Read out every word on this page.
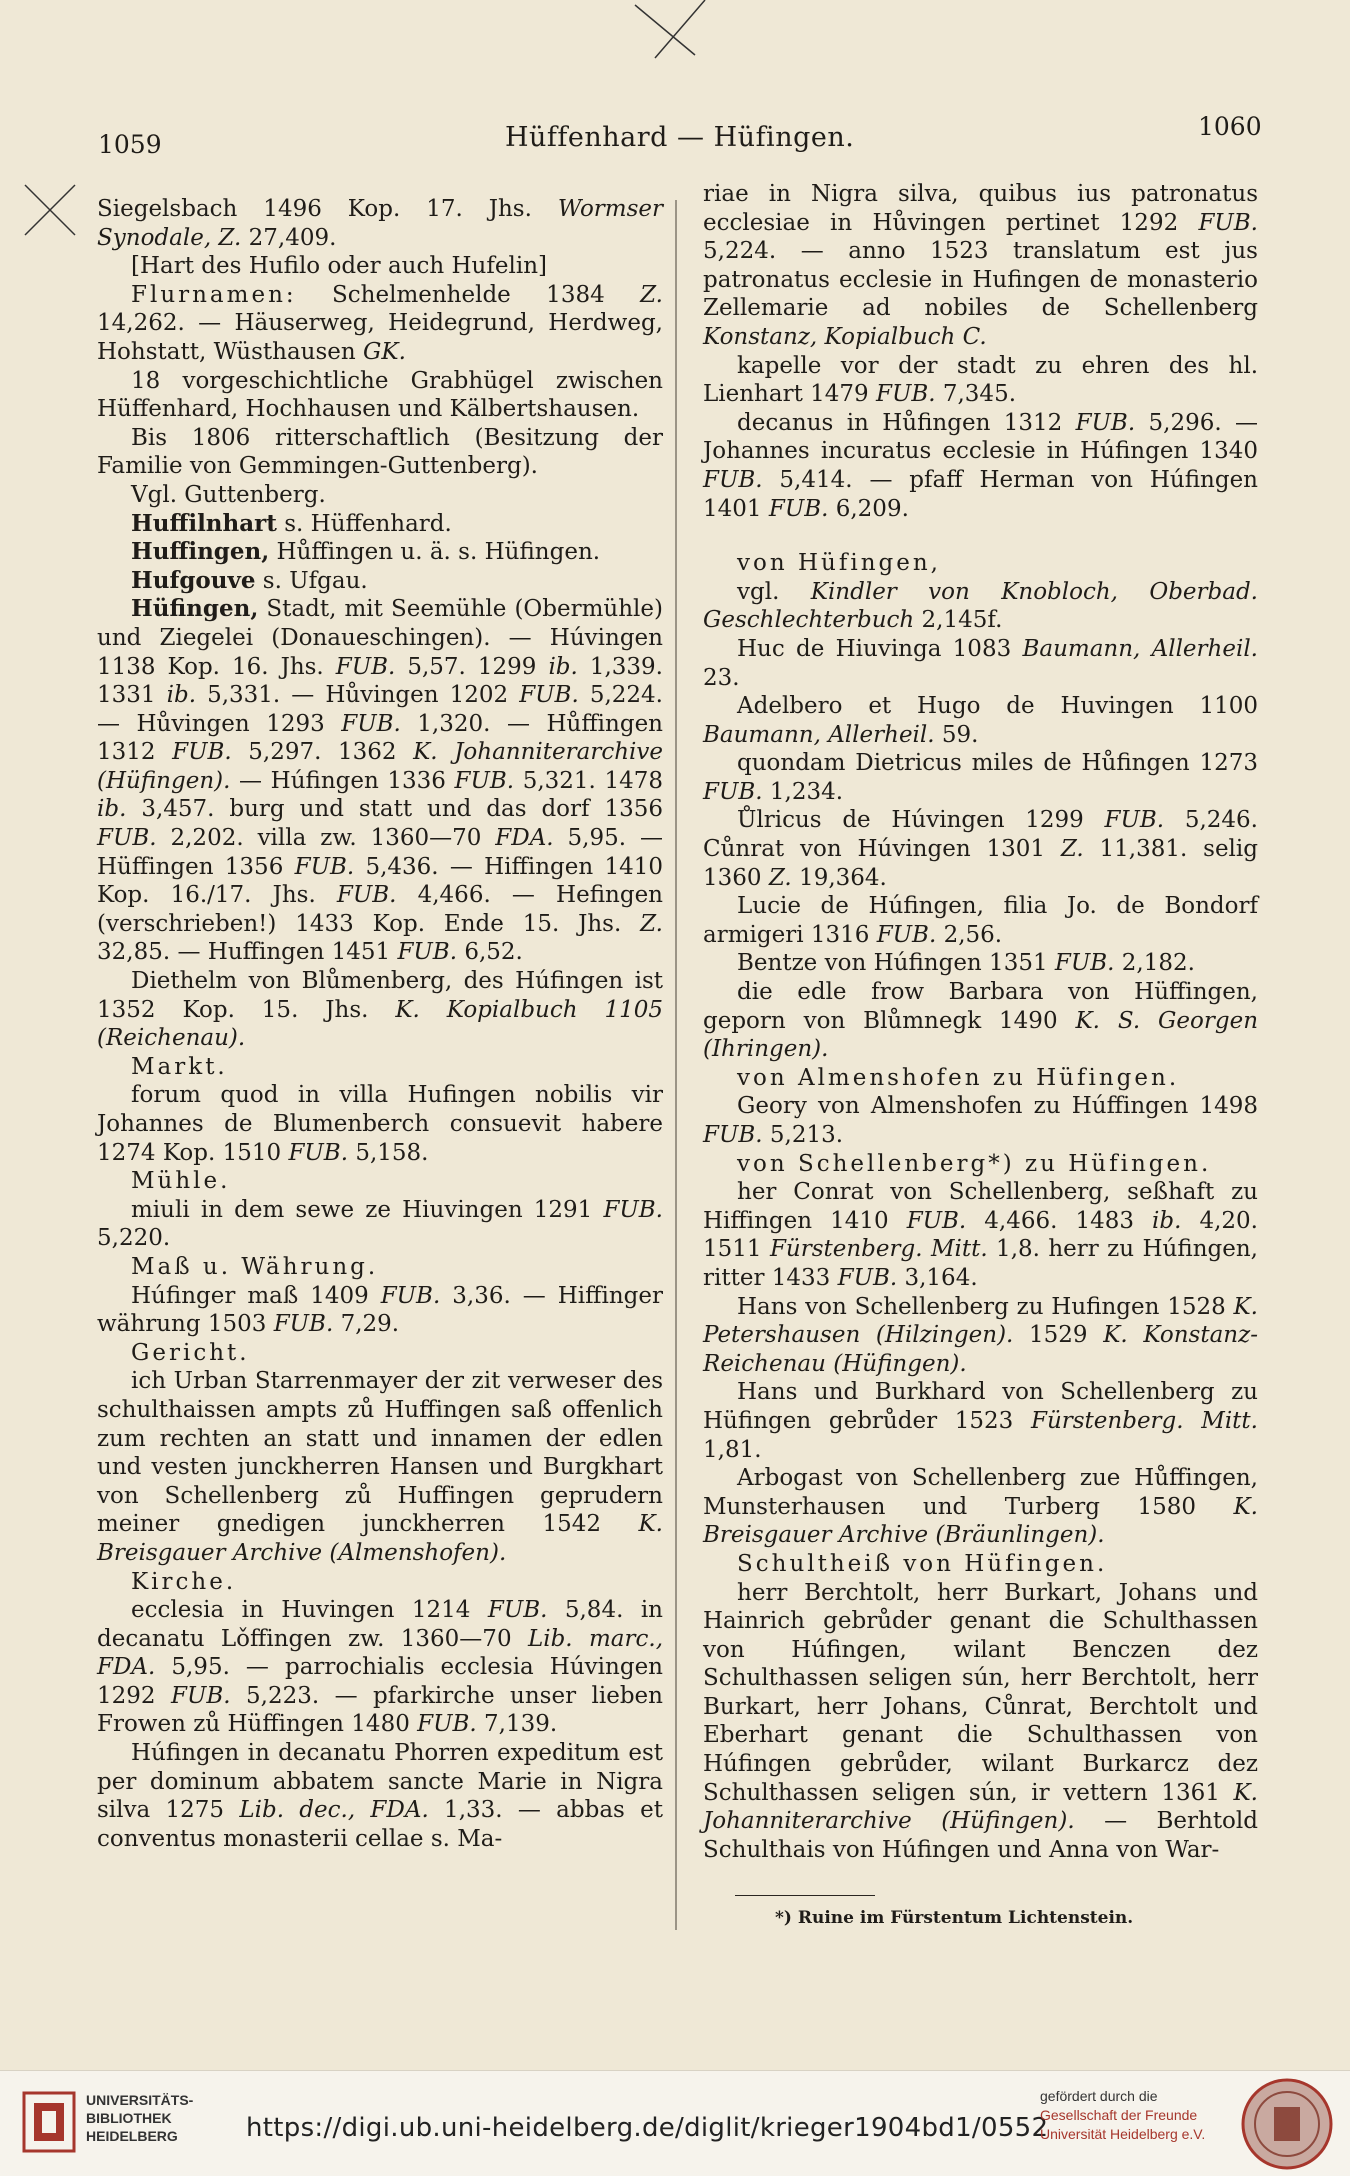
1059	Hüffenhard — Hüfingen.	1060

Siegelsbach 1496 Kop. 17. Jhs. Wormser Synodale, Z. 27,409.

[Hart des Hufilo oder auch Hufelin]

Flurnamen: Schelmenhelde 1384 Z. 14,262. — Häuserweg, Heidegrund, Herdweg, Hohstatt, Wüsthausen GK.

18 vorgeschichtliche Grabhügel zwischen Hüffenhard, Hochhausen und Kälbertshausen.

Bis 1806 ritterschaftlich (Besitzung der Familie von Gemmingen-Guttenberg).

Vgl. Guttenberg.

Huffilnhart s. Hüffenhard.

Huffingen, Hůffingen u. ä. s. Hüfingen.

Hufgouve s. Ufgau.

Hüfingen, Stadt, mit Seemühle (Obermühle) und Ziegelei (Donaueschingen). — Húvingen 1138 Kop. 16. Jhs. FUB. 5,57. 1299 ib. 1,339. 1331 ib. 5,331. — Hůvingen 1202 FUB. 5,224. — Hůvingen 1293 FUB. 1,320. — Hůffingen 1312 FUB. 5,297. 1362 K. Johanniterarchive (Hüfingen). — Húfingen 1336 FUB. 5,321. 1478 ib. 3,457. burg und statt und das dorf 1356 FUB. 2,202. villa zw. 1360—70 FDA. 5,95. — Hüffingen 1356 FUB. 5,436. — Hiffingen 1410 Kop. 16./17. Jhs. FUB. 4,466. — Hefingen (verschrieben!) 1433 Kop. Ende 15. Jhs. Z. 32,85. — Huffingen 1451 FUB. 6,52.

Diethelm von Blůmenberg, des Húfingen ist 1352 Kop. 15. Jhs. K. Kopialbuch 1105 (Reichenau).

Markt.

forum quod in villa Hufingen nobilis vir Johannes de Blumenberch consuevit habere 1274 Kop. 1510 FUB. 5,158.

Mühle.

miuli in dem sewe ze Hiuvingen 1291 FUB. 5,220.

Maß u. Währung.

Húfinger maß 1409 FUB. 3,36. — Hiffinger währung 1503 FUB. 7,29.

Gericht.

ich Urban Starrenmayer der zit verweser des schulthaissen ampts zů Huffingen saß offenlich zum rechten an statt und innamen der edlen und vesten junckherren Hansen und Burgkhart von Schellenberg zů Huffingen geprudern meiner gnedigen junckherren 1542 K. Breisgauer Archive (Almenshofen).

Kirche.

ecclesia in Huvingen 1214 FUB. 5,84. in decanatu Lǒffingen zw. 1360—70 Lib. marc., FDA. 5,95. — parrochialis ecclesia Húvingen 1292 FUB. 5,223. — pfarkirche unser lieben Frowen zů Hüffingen 1480 FUB. 7,139.

Húfingen in decanatu Phorren expeditum est per dominum abbatem sancte Marie in Nigra silva 1275 Lib. dec., FDA. 1,33. — abbas et conventus monasterii cellae s. Ma-

riae in Nigra silva, quibus ius patronatus ecclesiae in Hůvingen pertinet 1292 FUB. 5,224. — anno 1523 translatum est jus patronatus ecclesie in Hufingen de monasterio Zellemarie ad nobiles de Schellenberg Konstanz, Kopialbuch C.

kapelle vor der stadt zu ehren des hl. Lienhart 1479 FUB. 7,345.

decanus in Hůfingen 1312 FUB. 5,296. — Johannes incuratus ecclesie in Húfingen 1340 FUB. 5,414. — pfaff Herman von Húfingen 1401 FUB. 6,209.

von Hüfingen,

vgl. Kindler von Knobloch, Oberbad. Geschlechterbuch 2,145f.

Huc de Hiuvinga 1083 Baumann, Allerheil. 23.

Adelbero et Hugo de Huvingen 1100 Baumann, Allerheil. 59.

quondam Dietricus miles de Hůfingen 1273 FUB. 1,234.

Ůlricus de Húvingen 1299 FUB. 5,246. Cůnrat von Húvingen 1301 Z. 11,381. selig 1360 Z. 19,364.

Lucie de Húfingen, filia Jo. de Bondorf armigeri 1316 FUB. 2,56.

Bentze von Húfingen 1351 FUB. 2,182.

die edle frow Barbara von Hüffingen, geporn von Blůmnegk 1490 K. S. Georgen (Ihringen).

von Almenshofen zu Hüfingen.

Geory von Almenshofen zu Húffingen 1498 FUB. 5,213.

von Schellenberg*) zu Hüfingen.

her Conrat von Schellenberg, seßhaft zu Hiffingen 1410 FUB. 4,466. 1483 ib. 4,20. 1511 Fürstenberg. Mitt. 1,8. herr zu Húfingen, ritter 1433 FUB. 3,164.

Hans von Schellenberg zu Hufingen 1528 K. Petershausen (Hilzingen). 1529 K. Konstanz-Reichenau (Hüfingen).

Hans und Burkhard von Schellenberg zu Hüfingen gebrůder 1523 Fürstenberg. Mitt. 1,81.

Arbogast von Schellenberg zue Hůffingen, Munsterhausen und Turberg 1580 K. Breisgauer Archive (Bräunlingen).

Schultheiß von Hüfingen.

herr Berchtolt, herr Burkart, Johans und Hainrich gebrůder genant die Schulthassen von Húfingen, wilant Benczen dez Schulthassen seligen sún, herr Berchtolt, herr Burkart, herr Johans, Cůnrat, Berchtolt und Eberhart genant die Schulthassen von Húfingen gebrůder, wilant Burkarcz dez Schulthassen seligen sún, ir vettern 1361 K. Johanniterarchive (Hüfingen). — Berhtold Schulthais von Húfingen und Anna von War-

*) Ruine im Fürstentum Lichtenstein.
UNIVERSITÄTS-
BIBLIOTHEK
HEIDELBERG	https://digi.ub.uni-heidelberg.de/diglit/krieger1904bd1/0552
gefördert durch die
Gesellschaft der Freunde
Universität Heidelberg e.V.
